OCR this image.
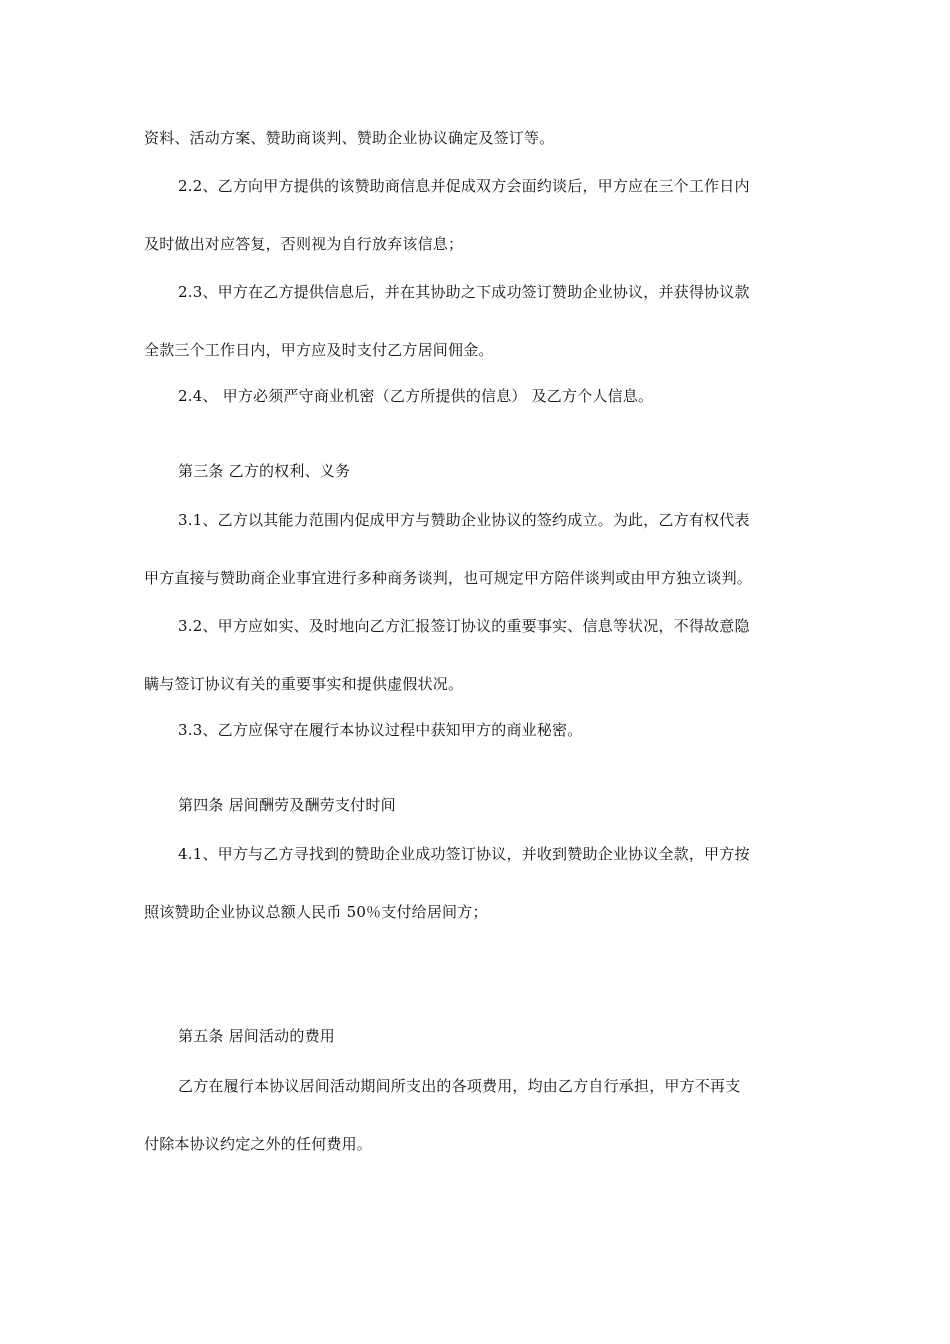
资料、活动方案、赞助商谈判、赞助企业协议确定及签订等。
2.2、乙方向甲方提供的该赞助商信息并促成双方会面约谈后，甲方应在三个工作日内
及时做出对应答复，否则视为自行放弃该信息；
2.3、甲方在乙方提供信息后，并在其协助之下成功签订赞助企业协议，并获得协议款
全款三个工作日内，甲方应及时支付乙方居间佣金。
2.4、 甲方必须严守商业机密（乙方所提供的信息） 及乙方个人信息。
第三条 乙方的权利、义务
3.1、乙方以其能力范围内促成甲方与赞助企业协议的签约成立。为此，乙方有权代表
甲方直接与赞助商企业事宜进行多种商务谈判，也可规定甲方陪伴谈判或由甲方独立谈判。
3.2、甲方应如实、及时地向乙方汇报签订协议的重要事实、信息等状况，不得故意隐
瞒与签订协议有关的重要事实和提供虚假状况。
3.3、乙方应保守在履行本协议过程中获知甲方的商业秘密。
第四条 居间酬劳及酬劳支付时间
4.1、甲方与乙方寻找到的赞助企业成功签订协议，并收到赞助企业协议全款，甲方按
照该赞助企业协议总额人民币 50％支付给居间方；
第五条 居间活动的费用
乙方在履行本协议居间活动期间所支出的各项费用，均由乙方自行承担，甲方不再支
付除本协议约定之外的任何费用。
